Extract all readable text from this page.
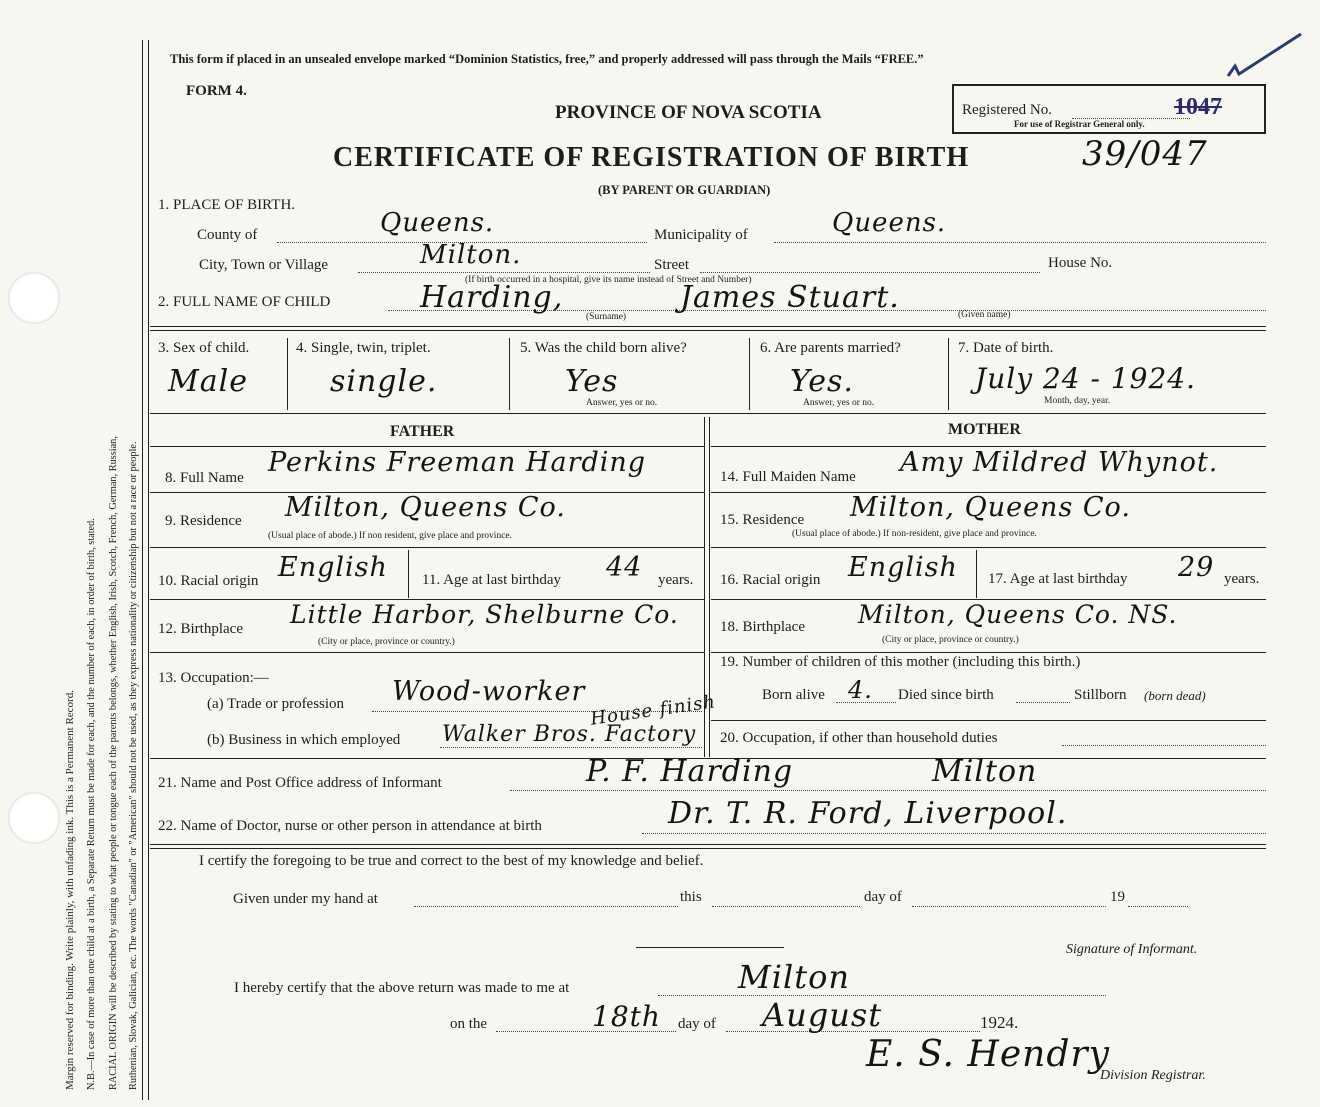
Margin reserved for binding. Write plainly, with unfading ink. This is a Permanent Record. N.B.—In case of more than one child at a birth, a Separate Return must be made for each, and the number of each, in order of birth, stated. RACIAL ORIGIN will be described by stating to what people or tongue each of the parents belongs, whether English, Irish, Scotch, French, German, Russian, Ruthenian, Slovak, Galician, etc. The words "Canadian" or "American" should not be used, as they express nationality or citizenship but not a race or people.
This form if placed in an unsealed envelope marked “Dominion Statistics, free,” and properly addressed will pass through the Mails “FREE.”
FORM 4.
PROVINCE OF NOVA SCOTIA	Registered No.	1047
For use of Registrar General only.
CERTIFICATE OF REGISTRATION OF BIRTH	39/047
(BY PARENT OR GUARDIAN)
1. PLACE OF BIRTH.
County of	Queens.	Municipality of	Queens.
City, Town or Village	Milton.	Street	House No.
(If birth occurred in a hospital, give its name instead of Street and Number)
2. FULL NAME OF CHILD	Harding,	James Stuart.
(Surname)	(Given name)
3. Sex of child.
Male
4. Single, twin, triplet.
single.
5. Was the child born alive?
Yes
Answer, yes or no.
6. Are parents married?
Yes.
Answer, yes or no.
7. Date of birth.
July 24 - 1924.
Month, day, year.
FATHER	MOTHER
8. Full Name Perkins Freeman Harding
9. Residence Milton, Queens Co.
(Usual place of abode.) If non resident, give place and province.
10. Racial origin English 11. Age at last birthday 44 years.
12. Birthplace Little Harbor, Shelburne Co.
(City or place, province or country.)
13. Occupation:—
(a) Trade or profession Wood-worker House finish
(b) Business in which employed Walker Bros. Factory
14. Full Maiden Name Amy Mildred Whynot.
15. Residence Milton, Queens Co.
(Usual place of abode.) If non-resident, give place and province.
16. Racial origin English 17. Age at last birthday 29 years.
18. Birthplace Milton, Queens Co. NS.
(City or place, province or country.)
19. Number of children of this mother (including this birth.)
Born alive 4. Died since birth	Stillborn (born dead)
20. Occupation, if other than household duties
21. Name and Post Office address of Informant	P. F. Harding	Milton
22. Name of Doctor, nurse or other person in attendance at birth	Dr. T. R. Ford, Liverpool.
I certify the foregoing to be true and correct to the best of my knowledge and belief.
Given under my hand at	this	day of	19
Signature of Informant.
I hereby certify that the above return was made to me at	Milton
on the	18th day of August	1924.
E. S. Hendry
Division Registrar.
